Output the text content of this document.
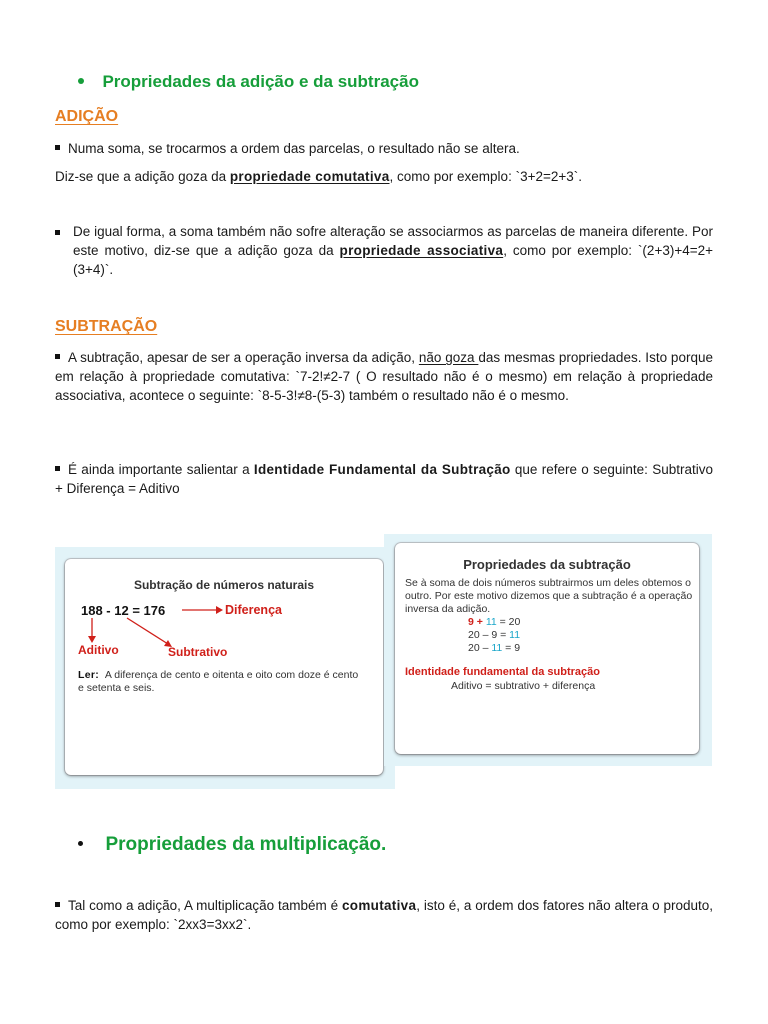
Propriedades da adição e da subtração
ADIÇÃO
Numa soma, se trocarmos a ordem das parcelas, o resultado não se altera.
Diz-se que a adição goza da propriedade comutativa, como por exemplo: `3+2=2+3`.
De igual forma, a soma também não sofre alteração se associarmos as parcelas de maneira diferente. Por este motivo, diz-se que a adição goza da propriedade associativa, como por exemplo: `(2+3)+4=2+(3+4)`.
SUBTRAÇÃO
A subtração, apesar de ser a operação inversa da adição, não goza das mesmas propriedades. Isto porque em relação à propriedade comutativa: `7-2!≠2-7 ( O resultado não é o mesmo) em relação à propriedade associativa, acontece o seguinte: `8-5-3!≠8-(5-3) também o resultado não é o mesmo.
É ainda importante salientar a Identidade Fundamental da Subtração que refere o seguinte: Subtrativo + Diferença = Aditivo
Subtração de números naturais
188 - 12 = 176	Diferença
Aditivo	Subtrativo
Ler: A diferença de cento e oitenta e oito com doze é cento e setenta e seis.
Propriedades da subtração
Se à soma de dois números subtrairmos um deles obtemos o outro. Por este motivo dizemos que a subtração é a operação inversa da adição.
9 + 11 = 20
20 – 9 = 11
20 – 11 = 9
Identidade fundamental da subtração
Aditivo = subtrativo + diferença
Propriedades da multiplicação.
Tal como a adição, A multiplicação também é comutativa, isto é, a ordem dos fatores não altera o produto, como por exemplo: `2xx3=3xx2`.
